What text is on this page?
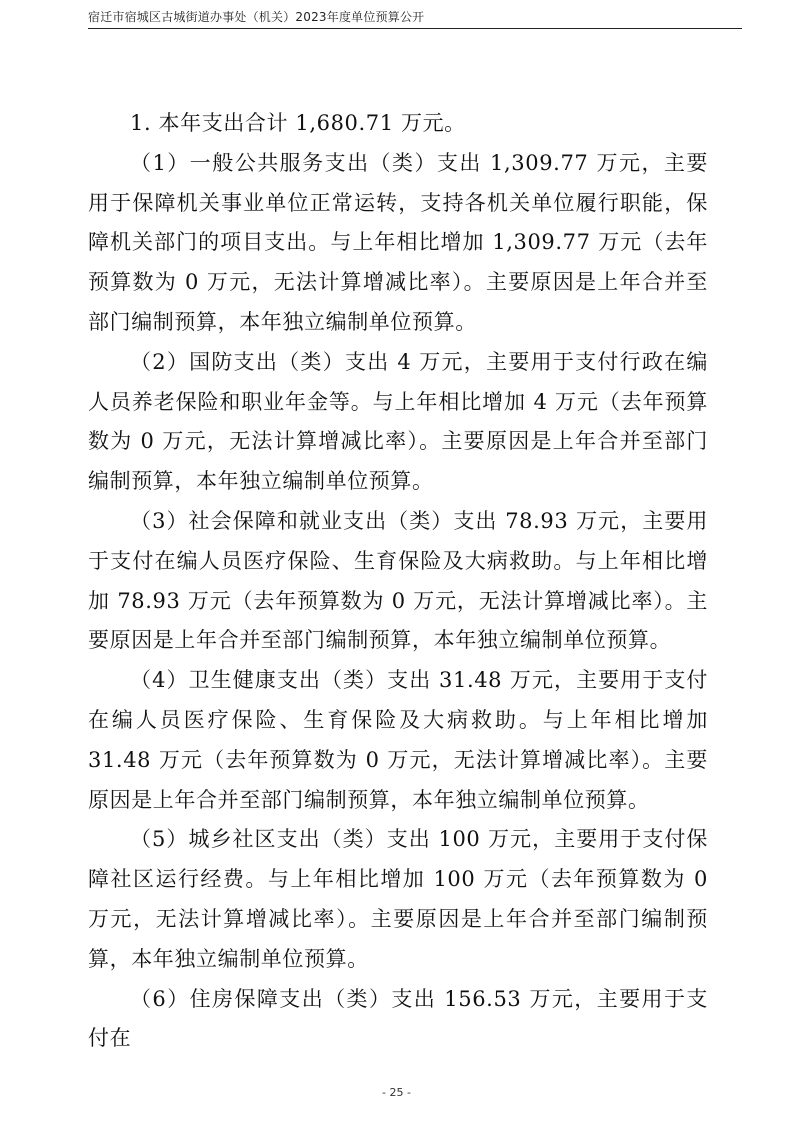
宿迁市宿城区古城街道办事处（机关）2023年度单位预算公开

1. 本年支出合计 1,680.71 万元。

（1）一般公共服务支出（类）支出 1,309.77 万元，主要用于保障机关事业单位正常运转，支持各机关单位履行职能，保障机关部门的项目支出。与上年相比增加 1,309.77 万元（去年预算数为 0 万元，无法计算增减比率）。主要原因是上年合并至部门编制预算，本年独立编制单位预算。

（2）国防支出（类）支出 4 万元，主要用于支付行政在编人员养老保险和职业年金等。与上年相比增加 4 万元（去年预算数为 0 万元，无法计算增减比率）。主要原因是上年合并至部门编制预算，本年独立编制单位预算。

（3）社会保障和就业支出（类）支出 78.93 万元，主要用于支付在编人员医疗保险、生育保险及大病救助。与上年相比增加 78.93 万元（去年预算数为 0 万元，无法计算增减比率）。主要原因是上年合并至部门编制预算，本年独立编制单位预算。

（4）卫生健康支出（类）支出 31.48 万元，主要用于支付在编人员医疗保险、生育保险及大病救助。与上年相比增加 31.48 万元（去年预算数为 0 万元，无法计算增减比率）。主要原因是上年合并至部门编制预算，本年独立编制单位预算。

（5）城乡社区支出（类）支出 100 万元，主要用于支付保障社区运行经费。与上年相比增加 100 万元（去年预算数为 0 万元，无法计算增减比率）。主要原因是上年合并至部门编制预算，本年独立编制单位预算。

（6）住房保障支出（类）支出 156.53 万元，主要用于支付在

- 25 -
